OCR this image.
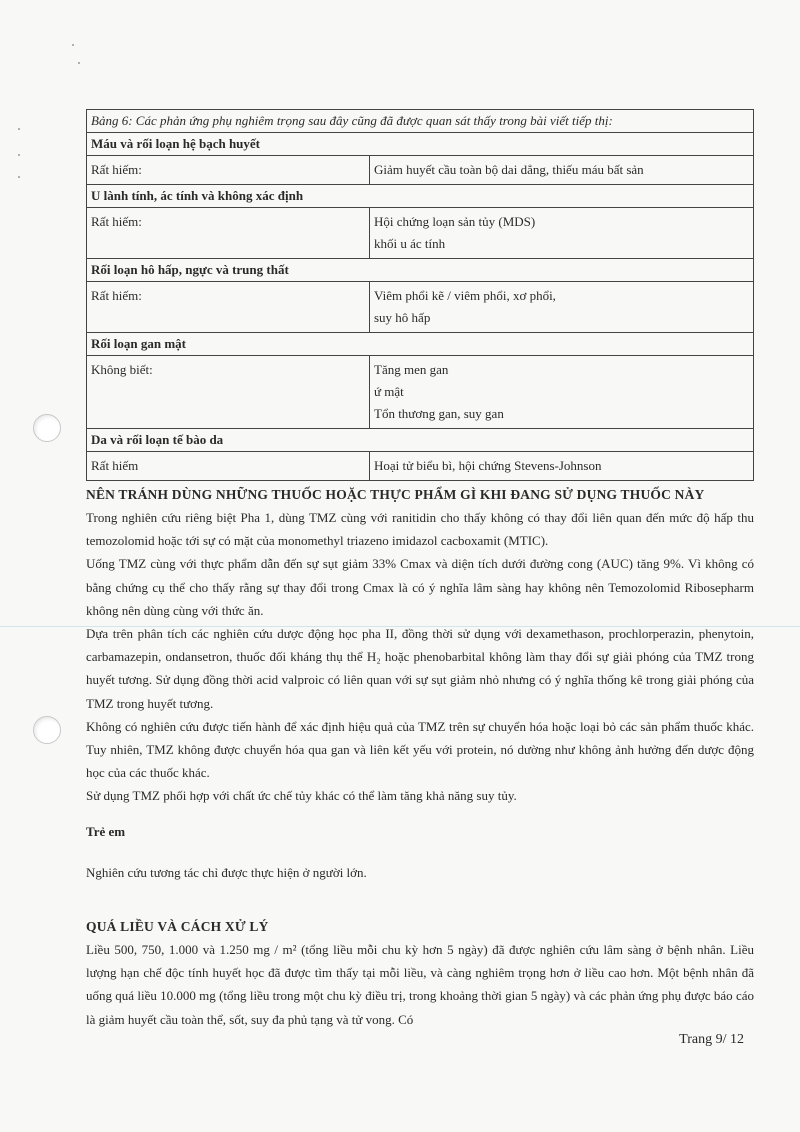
Bảng 6: Các phản ứng phụ nghiêm trọng sau đây cũng đã được quan sát thấy trong bài viết tiếp thị:	
Máu và rối loạn hệ bạch huyết	
Rất hiếm:	Giảm huyết cầu toàn bộ dai dẳng, thiếu máu bất sản

U lành tính, ác tính và không xác định	
Rất hiếm:	Hội chứng loạn sản tủy (MDS)
khối u ác tính

Rối loạn hô hấp, ngực và trung thất	
Rất hiếm:	Viêm phổi kẽ / viêm phổi, xơ phổi,
suy hô hấp

Rối loạn gan mật	
Không biết:	Tăng men gan
ứ mật
Tổn thương gan, suy gan

Da và rối loạn tế bào da	
Rất hiếm	Hoại tử biểu bì, hội chứng Stevens-Johnson
NÊN TRÁNH DÙNG NHỮNG THUỐC HOẶC THỰC PHẨM GÌ KHI ĐANG SỬ DỤNG THUỐC NÀY
Trong nghiên cứu riêng biệt Pha 1, dùng TMZ cùng với ranitidin cho thấy không có thay đổi liên quan đến mức độ hấp thu temozolomid hoặc tới sự có mặt của monomethyl triazeno imidazol cacboxamit (MTIC).
Uống TMZ cùng với thực phẩm dẫn đến sự sụt giảm 33% Cmax và diện tích dưới đường cong (AUC) tăng 9%. Vì không có bằng chứng cụ thể cho thấy rằng sự thay đổi trong Cmax là có ý nghĩa lâm sàng hay không nên Temozolomid Ribosepharm không nên dùng cùng với thức ăn.
Dựa trên phân tích các nghiên cứu dược động học pha II, đồng thời sử dụng với dexamethason, prochlorperazin, phenytoin, carbamazepin, ondansetron, thuốc đối kháng thụ thể H₂ hoặc phenobarbital không làm thay đổi sự giải phóng của TMZ trong huyết tương. Sử dụng đồng thời acid valproic có liên quan với sự sụt giảm nhỏ nhưng có ý nghĩa thống kê trong giải phóng của TMZ trong huyết tương.
Không có nghiên cứu được tiến hành để xác định hiệu quả của TMZ trên sự chuyển hóa hoặc loại bỏ các sản phẩm thuốc khác. Tuy nhiên, TMZ không được chuyển hóa qua gan và liên kết yếu với protein, nó dường như không ảnh hưởng đến dược động học của các thuốc khác.
Sử dụng TMZ phối hợp với chất ức chế tủy khác có thể làm tăng khả năng suy tủy.
Trẻ em
Nghiên cứu tương tác chỉ được thực hiện ở người lớn.
QUÁ LIỀU VÀ CÁCH XỬ LÝ
Liều 500, 750, 1.000 và 1.250 mg / m² (tổng liều mỗi chu kỳ hơn 5 ngày) đã được nghiên cứu lâm sàng ở bệnh nhân. Liều lượng hạn chế độc tính huyết học đã được tìm thấy tại mỗi liều, và càng nghiêm trọng hơn ở liều cao hơn. Một bệnh nhân đã uống quá liều 10.000 mg (tổng liều trong một chu kỳ điều trị, trong khoảng thời gian 5 ngày) và các phản ứng phụ được báo cáo là giảm huyết cầu toàn thể, sốt, suy đa phủ tạng và tử vong. Có
Trang 9/ 12
